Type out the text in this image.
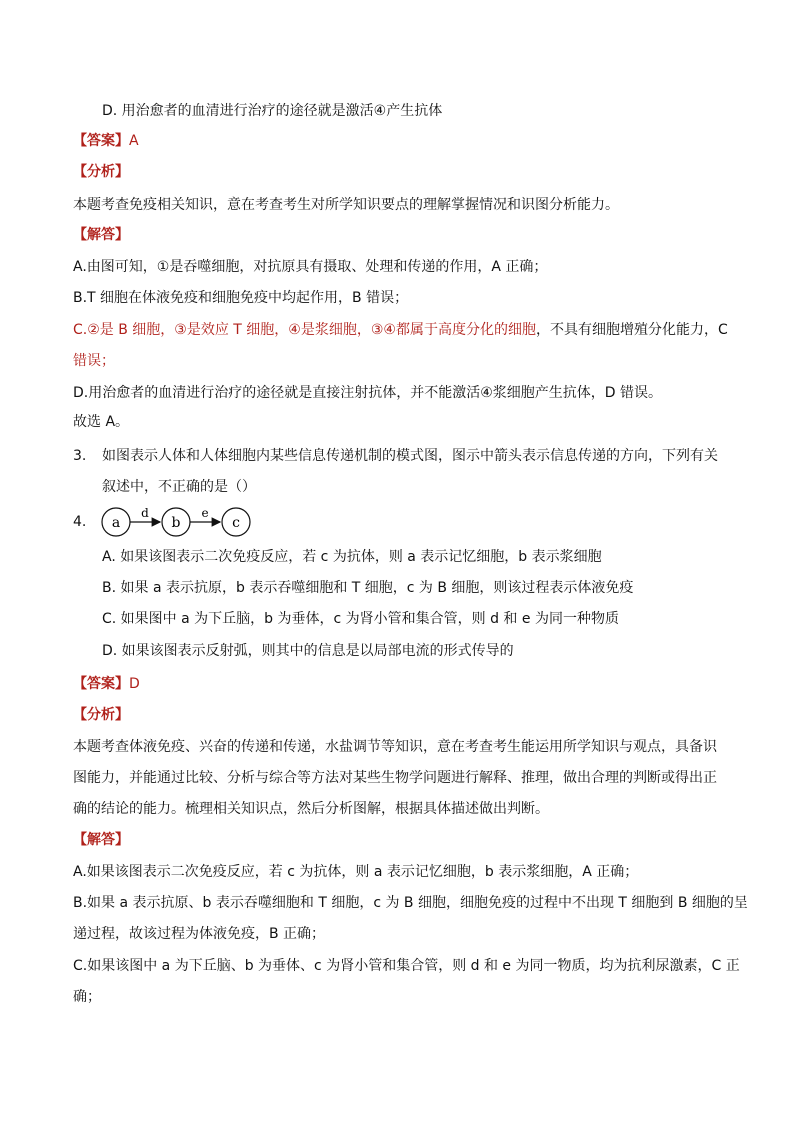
D. 用治愈者的血清进行治疗的途径就是激活④产生抗体
【答案】A
【分析】
本题考查免疫相关知识，意在考查考生对所学知识要点的理解掌握情况和识图分析能力。
【解答】
A.由图可知，①是吞噬细胞，对抗原具有摄取、处理和传递的作用，A 正确；
B.T 细胞在体液免疫和细胞免疫中均起作用，B 错误；
C.②是 B 细胞，③是效应 T 细胞，④是浆细胞，③④都属于高度分化的细胞，不具有细胞增殖分化能力，C
错误；
D.用治愈者的血清进行治疗的途径就是直接注射抗体，并不能激活④浆细胞产生抗体，D 错误。
故选 A。
3. 如图表示人体和人体细胞内某些信息传递机制的模式图，图示中箭头表示信息传递的方向，下列有关
叙述中，不正确的是（）
4. a
d
b
e
c
A. 如果该图表示二次免疫反应，若 c 为抗体，则 a 表示记忆细胞，b 表示浆细胞
B. 如果 a 表示抗原，b 表示吞噬细胞和 T 细胞，c 为 B 细胞，则该过程表示体液免疫
C. 如果图中 a 为下丘脑，b 为垂体，c 为肾小管和集合管，则 d 和 e 为同一种物质
D. 如果该图表示反射弧，则其中的信息是以局部电流的形式传导的
【答案】D
【分析】
本题考查体液免疫、兴奋的传递和传递，水盐调节等知识，意在考查考生能运用所学知识与观点，具备识
图能力，并能通过比较、分析与综合等方法对某些生物学问题进行解释、推理，做出合理的判断或得出正
确的结论的能力。梳理相关知识点，然后分析图解，根据具体描述做出判断。
【解答】
A.如果该图表示二次免疫反应，若 c 为抗体，则 a 表示记忆细胞，b 表示浆细胞，A 正确；
B.如果 a 表示抗原、b 表示吞噬细胞和 T 细胞，c 为 B 细胞，细胞免疫的过程中不出现 T 细胞到 B 细胞的呈
递过程，故该过程为体液免疫，B 正确；
C.如果该图中 a 为下丘脑、b 为垂体、c 为肾小管和集合管，则 d 和 e 为同一物质，均为抗利尿激素，C 正
确；
